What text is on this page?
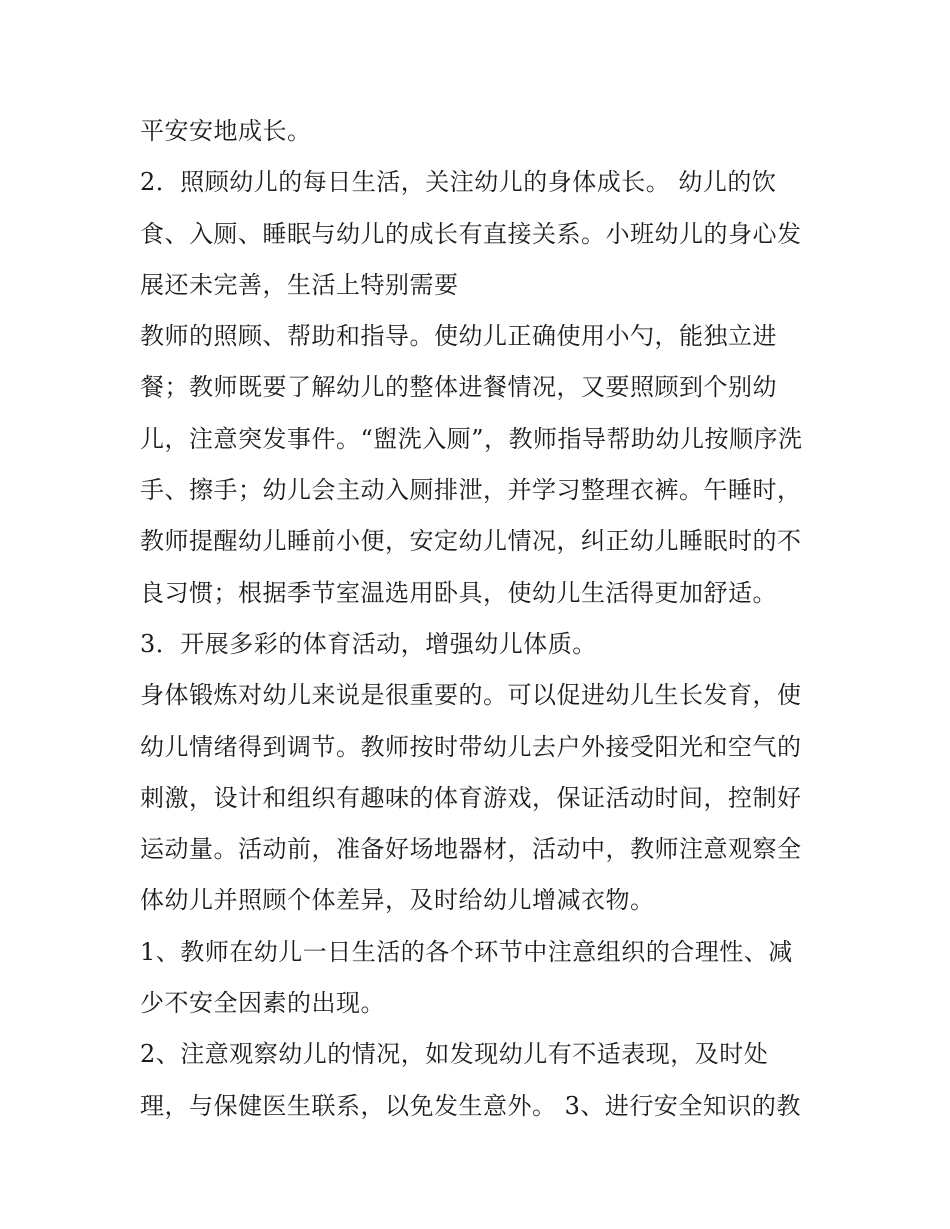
平安安地成长。
2．照顾幼儿的每日生活，关注幼儿的身体成长。 幼儿的饮
食、入厕、睡眠与幼儿的成长有直接关系。小班幼儿的身心发
展还未完善，生活上特别需要
教师的照顾、帮助和指导。使幼儿正确使用小勺，能独立进
餐；教师既要了解幼儿的整体进餐情况，又要照顾到个别幼
儿，注意突发事件。“盥洗入厕”，教师指导帮助幼儿按顺序洗
手、擦手；幼儿会主动入厕排泄，并学习整理衣裤。午睡时，
教师提醒幼儿睡前小便，安定幼儿情况，纠正幼儿睡眠时的不
良习惯；根据季节室温选用卧具，使幼儿生活得更加舒适。
3．开展多彩的体育活动，增强幼儿体质。
身体锻炼对幼儿来说是很重要的。可以促进幼儿生长发育，使
幼儿情绪得到调节。教师按时带幼儿去户外接受阳光和空气的
刺激，设计和组织有趣味的体育游戏，保证活动时间，控制好
运动量。活动前，准备好场地器材，活动中，教师注意观察全
体幼儿并照顾个体差异，及时给幼儿增减衣物。
1、教师在幼儿一日生活的各个环节中注意组织的合理性、减
少不安全因素的出现。
2、注意观察幼儿的情况，如发现幼儿有不适表现，及时处
理，与保健医生联系，以免发生意外。 3、进行安全知识的教
